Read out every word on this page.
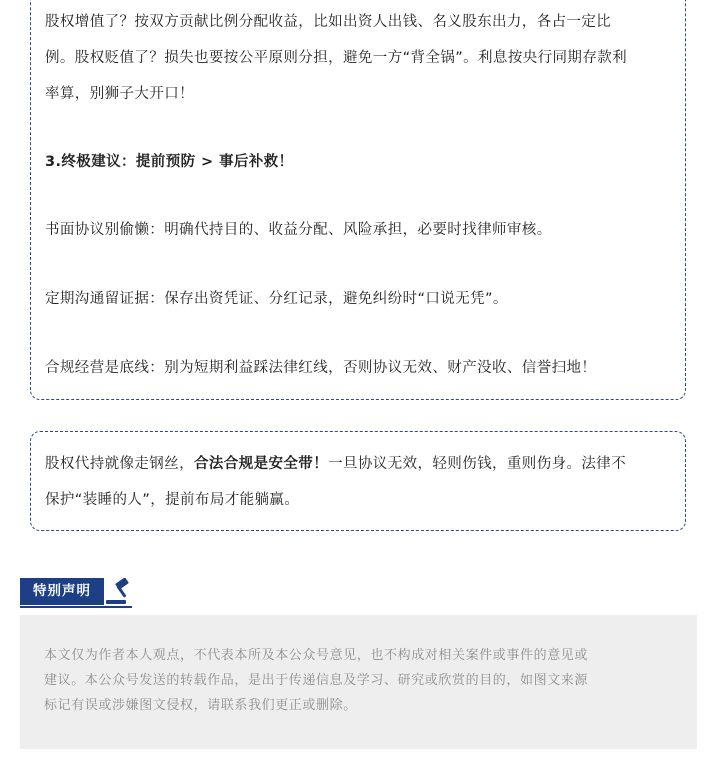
股权增值了？按双方贡献比例分配收益，比如出资人出钱、名义股东出力，各占一定比
例。股权贬值了？损失也要按公平原则分担，避免一方“背全锅”。利息按央行同期存款利
率算，别狮子大开口！
3.终极建议：提前预防 > 事后补救！
书面协议别偷懒：明确代持目的、收益分配、风险承担，必要时找律师审核。
定期沟通留证据：保存出资凭证、分红记录，避免纠纷时“口说无凭”。
合规经营是底线：别为短期利益踩法律红线，否则协议无效、财产没收、信誉扫地！
股权代持就像走钢丝，合法合规是安全带！一旦协议无效，轻则伤钱，重则伤身。法律不
保护“装睡的人”，提前布局才能躺赢。
特别声明
本文仅为作者本人观点，不代表本所及本公众号意见，也不构成对相关案件或事件的意见或
建议。本公众号发送的转载作品，是出于传递信息及学习、研究或欣赏的目的，如图文来源
标记有误或涉嫌图文侵权，请联系我们更正或删除。
